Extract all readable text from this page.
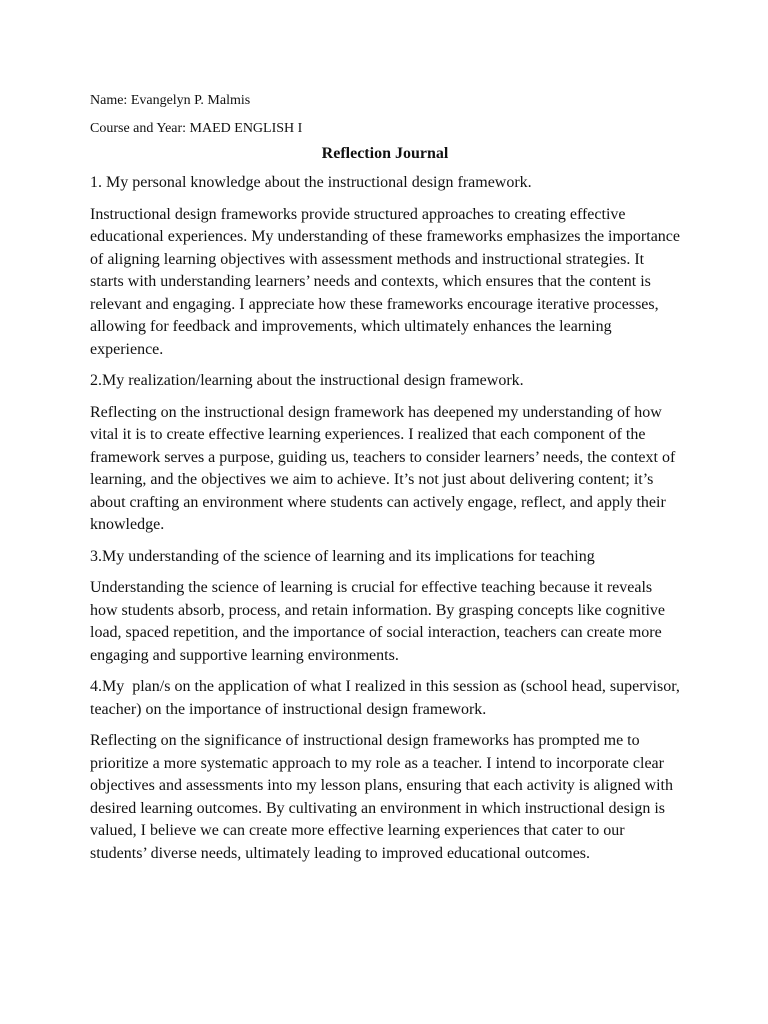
Name: Evangelyn P. Malmis

Course and Year: MAED ENGLISH I

Reflection Journal

1. My personal knowledge about the instructional design framework.

Instructional design frameworks provide structured approaches to creating effective educational experiences. My understanding of these frameworks emphasizes the importance of aligning learning objectives with assessment methods and instructional strategies. It starts with understanding learners’ needs and contexts, which ensures that the content is relevant and engaging. I appreciate how these frameworks encourage iterative processes, allowing for feedback and improvements, which ultimately enhances the learning experience.

2.My realization/learning about the instructional design framework.

Reflecting on the instructional design framework has deepened my understanding of how vital it is to create effective learning experiences. I realized that each component of the framework serves a purpose, guiding us, teachers to consider learners’ needs, the context of learning, and the objectives we aim to achieve. It’s not just about delivering content; it’s about crafting an environment where students can actively engage, reflect, and apply their knowledge.

3.My understanding of the science of learning and its implications for teaching

Understanding the science of learning is crucial for effective teaching because it reveals how students absorb, process, and retain information. By grasping concepts like cognitive load, spaced repetition, and the importance of social interaction, teachers can create more engaging and supportive learning environments.

4.My  plan/s on the application of what I realized in this session as (school head, supervisor, teacher) on the importance of instructional design framework.

Reflecting on the significance of instructional design frameworks has prompted me to prioritize a more systematic approach to my role as a teacher. I intend to incorporate clear objectives and assessments into my lesson plans, ensuring that each activity is aligned with desired learning outcomes. By cultivating an environment in which instructional design is valued, I believe we can create more effective learning experiences that cater to our students’ diverse needs, ultimately leading to improved educational outcomes.
